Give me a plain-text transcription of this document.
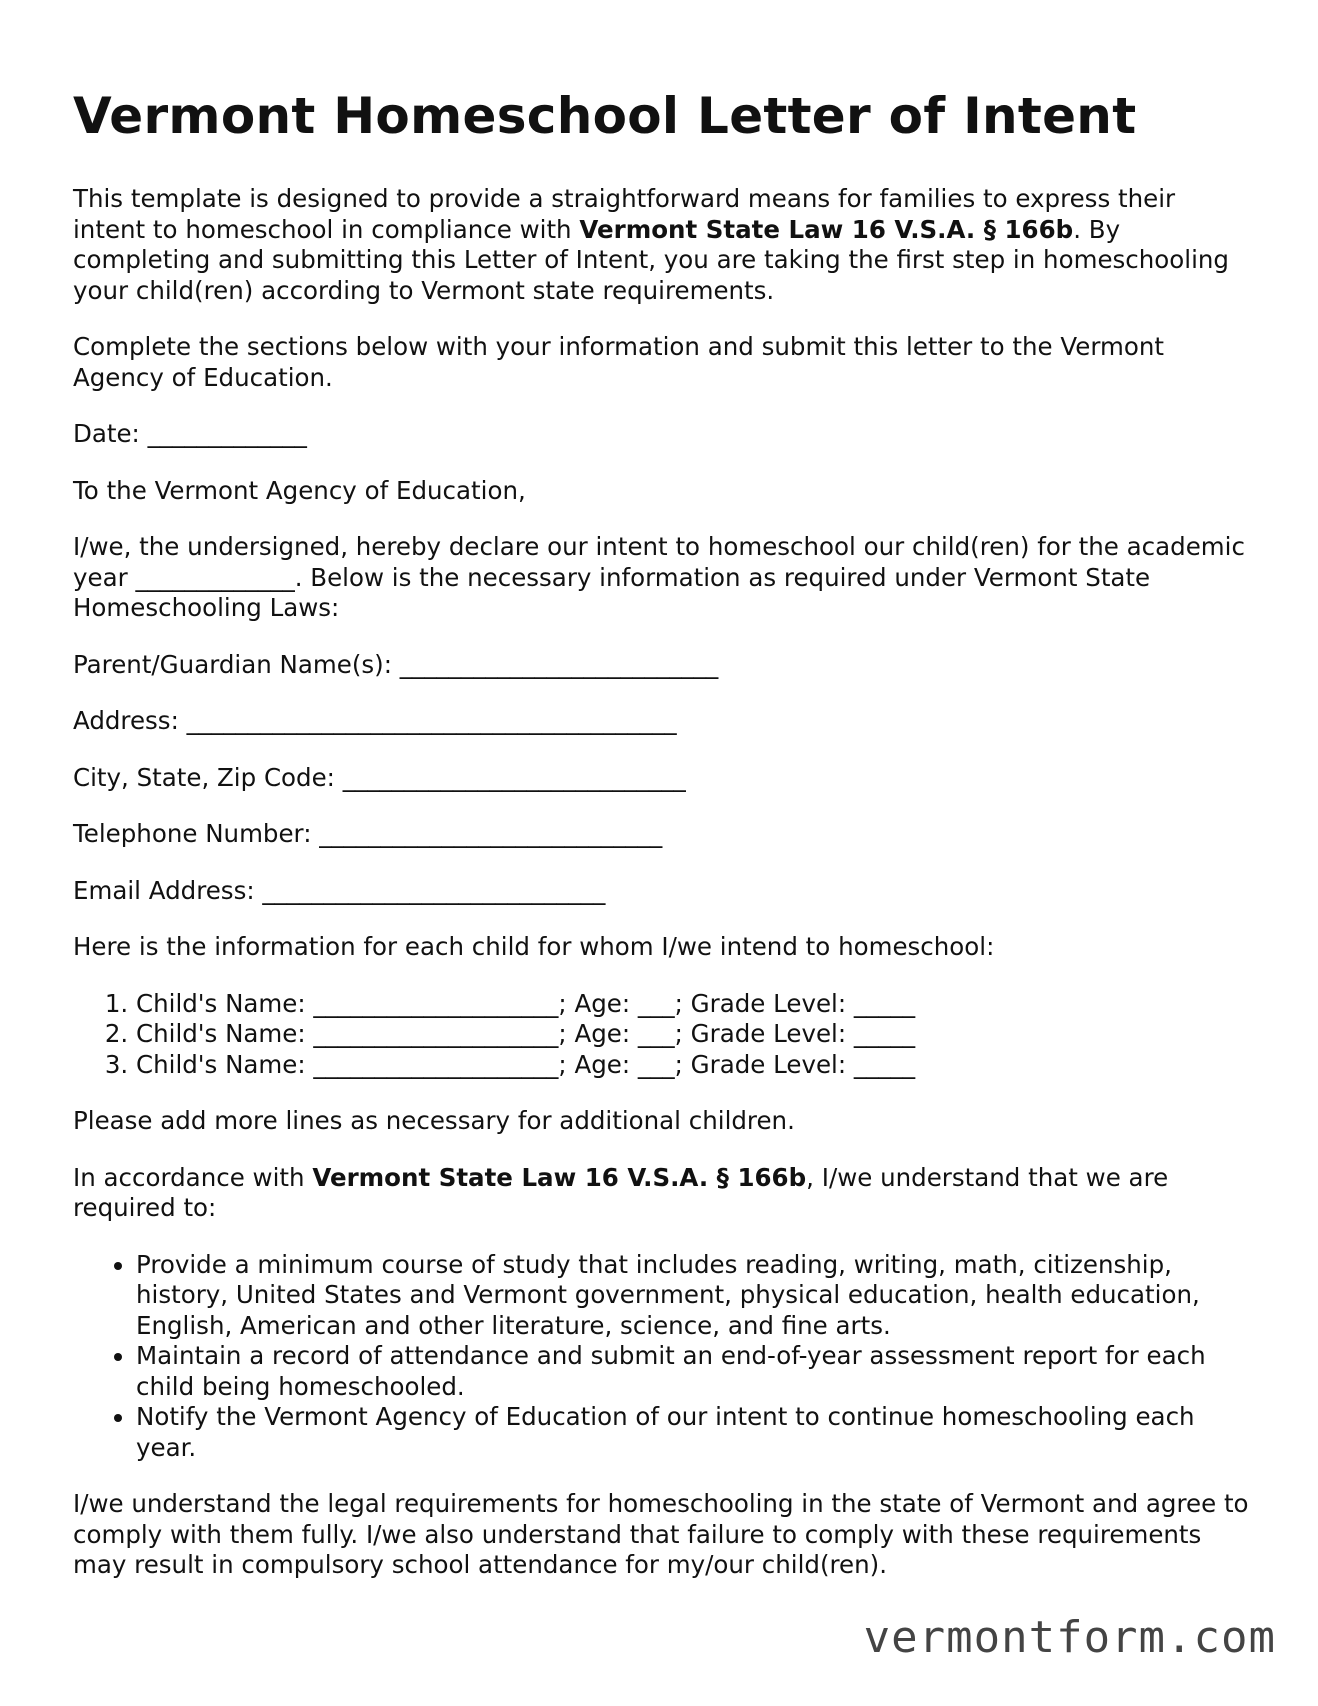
Vermont Homeschool Letter of Intent

This template is designed to provide a straightforward means for families to express their intent to homeschool in compliance with Vermont State Law 16 V.S.A. § 166b. By completing and submitting this Letter of Intent, you are taking the first step in homeschooling your child(ren) according to Vermont state requirements.

Complete the sections below with your information and submit this letter to the Vermont Agency of Education.

Date: _____________

To the Vermont Agency of Education,

I/we, the undersigned, hereby declare our intent to homeschool our child(ren) for the academic year _____________. Below is the necessary information as required under Vermont State Homeschooling Laws:

Parent/Guardian Name(s): __________________________

Address: ________________________________________

City, State, Zip Code: ____________________________

Telephone Number: ____________________________

Email Address: ____________________________

Here is the information for each child for whom I/we intend to homeschool:

1. Child's Name: ____________________; Age: ___; Grade Level: _____
2. Child's Name: ____________________; Age: ___; Grade Level: _____
3. Child's Name: ____________________; Age: ___; Grade Level: _____

Please add more lines as necessary for additional children.

In accordance with Vermont State Law 16 V.S.A. § 166b, I/we understand that we are required to:

• Provide a minimum course of study that includes reading, writing, math, citizenship, history, United States and Vermont government, physical education, health education, English, American and other literature, science, and fine arts.
• Maintain a record of attendance and submit an end-of-year assessment report for each child being homeschooled.
• Notify the Vermont Agency of Education of our intent to continue homeschooling each year.

I/we understand the legal requirements for homeschooling in the state of Vermont and agree to comply with them fully. I/we also understand that failure to comply with these requirements may result in compulsory school attendance for my/our child(ren).

vermontform.com
